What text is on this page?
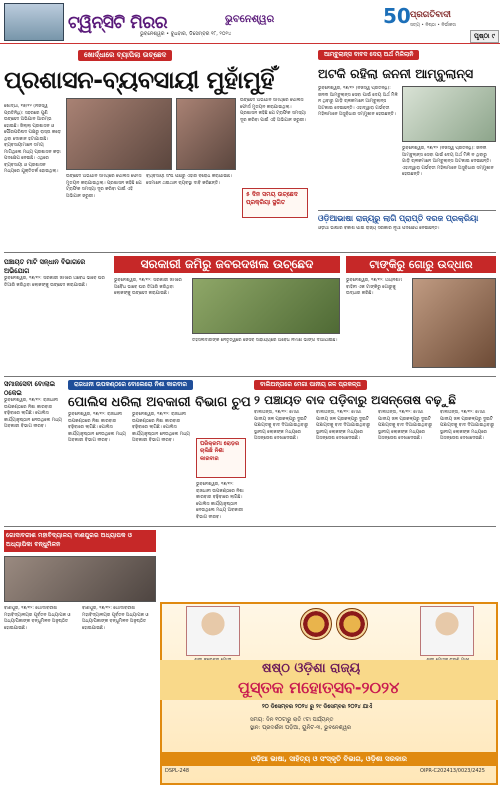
ଟ୍ୱିନ୍‌ସିଟି ମିରର	ଭୁବନେଶ୍ୱର
ଭୁବନେଶ୍ୱର • ବୁଧବାର, ଡିସେମ୍ବର ୧୮, ୨୦୨୪
50 ପ୍ରଗତିବାଦୀ
ସତ୍ୟ • ନିଷ୍ଠା • ନିର୍ଭୀକତା
ପୃଷ୍ଠା ୯
ଖୋର୍ଦ୍ଧାରେ ବ୍ୟାପିଲା ଉଚ୍ଛେଦ
ପ୍ରଶାସନ-ବ୍ୟବସାୟୀ ମୁହାଁମୁହିଁ
ଖୋର୍ଦ୍ଧା, ୧୭/୧୨ (ନିଜସ୍ୱ ପ୍ରତିନିଧି): ସହରରେ ପୁଣି ଉଚ୍ଛେଦ ଅଭିଯାନ ଆରମ୍ଭ ହୋଇଛି। ଜିଲ୍ଲା ପ୍ରଶାସନ ଓ ପୌରପରିଷଦ ପକ୍ଷରୁ ରାସ୍ତା କଡ଼େ ଥିବା ଦୋକାନ ହଟାଯାଉଛି। ବ୍ୟବସାୟୀମାନେ ସମୟ ମାଗିଥିଲେ ମଧ୍ୟ ପ୍ରଶାସନ କଡ଼ା ପଦକ୍ଷେପ ନେଇଛି। ଏଥିରେ ବ୍ୟବସାୟୀ ଓ ପ୍ରଶାସନ ମଧ୍ୟରେ ଯୁକ୍ତିତର୍କ ହୋଇଥିଲା।
ଉଚ୍ଛେଦ ଅଭିଯାନ ସମୟରେ ପୋଲିସ ଫୋର୍ସ ମୁତୟନ କରାଯାଇଥିଲା। ପ୍ରଶାସନ କହିଛି ଯେ ଟ୍ରାଫିକ ସମସ୍ୟା ଦୂର କରିବା ପାଇଁ ଏହି ଅଭିଯାନ ଜରୁରୀ।
ବ୍ୟବସାୟୀ ସଂଘ ପକ୍ଷରୁ ଏହାର ବିରୋଧ କରାଯାଇଛି। ସେମାନେ ଥଇଥାନ ବ୍ୟବସ୍ଥା ଦାବି କରିଛନ୍ତି।
ଉଚ୍ଛେଦ ଅଭିଯାନ ସମୟରେ ପୋଲିସ ଫୋର୍ସ ମୁତୟନ କରାଯାଇଥିଲା। ପ୍ରଶାସନ କହିଛି ଯେ ଟ୍ରାଫିକ ସମସ୍ୟା ଦୂର କରିବା ପାଇଁ ଏହି ଅଭିଯାନ ଜରୁରୀ।
୫ ଦିନ ସମୟ ଉଚ୍ଛେଦ ପ୍ରକ୍ରିୟା ସ୍ଥଗିତ
ଆମ୍ବୁଲାନ୍ସ ବାବଦ ଦେୟ ଅର୍ଥ ମିଳିଲାନି
ଅଟକି ରହିଲା ଜନନୀ ଆମ୍ବୁଲାନ୍ସ
ଭୁବନେଶ୍ୱର, ୧୭/୧୨ (ନିଜସ୍ୱ ପ୍ରତିନିଧି): ଜନନୀ ଆମ୍ବୁଲାନ୍ସ ସେବା ପାଇଁ ଦେୟ ଅର୍ଥ ମିଳି ନ ଥିବାରୁ ଗାଡ଼ି ଚାଳକମାନେ ଆମ୍ବୁଲାନ୍ସ ଅଟକାଇ ଦେଇଛନ୍ତି। ଏହାଦ୍ୱାରା ଗର୍ଭବତୀ ମହିଳାମାନେ ଅସୁବିଧାର ସମ୍ମୁଖୀନ ହେଉଛନ୍ତି।
ଭୁବନେଶ୍ୱର, ୧୭/୧୨ (ନିଜସ୍ୱ ପ୍ରତିନିଧି): ଜନନୀ ଆମ୍ବୁଲାନ୍ସ ସେବା ପାଇଁ ଦେୟ ଅର୍ଥ ମିଳି ନ ଥିବାରୁ ଗାଡ଼ି ଚାଳକମାନେ ଆମ୍ବୁଲାନ୍ସ ଅଟକାଇ ଦେଇଛନ୍ତି। ଏହାଦ୍ୱାରା ଗର୍ଭବତୀ ମହିଳାମାନେ ଅସୁବିଧାର ସମ୍ମୁଖୀନ ହେଉଛନ୍ତି।
ଓଡ଼ିଆଭାଷା ରାଜ୍ୟରୁ ଲାଗି ପ୍ରାପ୍ତି ଦରଜ ପ୍ରକ୍ରିୟା
ଓଡ଼ିଆ ଭାଷାର ବିକାଶ ପାଇଁ ରାଜ୍ୟ ସରକାର ନୂଆ ପଦକ୍ଷେପ ନେଇଛନ୍ତି।
ପଞ୍ଚାୟତ ମାଟି ସନ୍ଧାନ ବିଭାଗରେ ଅଭିଯୋଗ
ଭୁବନେଶ୍ୱର, ୧୭/୧୨: ସରକାରୀ ଜମିରେ ଅବୈଧ ଭାବେ ଘର ତିଆରି କରିଥିବା ଲୋକଙ୍କୁ ଉଚ୍ଛେଦ କରାଯାଇଛି।
ସରକାରୀ ଜମିରୁ ଜବରଦଖଲ ଉଚ୍ଛେଦ
ଭୁବନେଶ୍ୱର, ୧୭/୧୨: ସରକାରୀ ଜମିରେ ଅବୈଧ ଭାବେ ଘର ତିଆରି କରିଥିବା ଲୋକଙ୍କୁ ଉଚ୍ଛେଦ କରାଯାଇଛି।
ତହସିଲଦାରଙ୍କ ନେତୃତ୍ୱରେ ଜେସିବି ସାହାଯ୍ୟରେ ଅବୈଧ ନିର୍ମାଣ ଭାଙ୍ଗି ଦିଆଯାଇଛି।
ଟାଙ୍କିରୁ ଗୋରୁ ଉଦ୍ଧାର
ଭୁବନେଶ୍ୱର, ୧୭/୧୨: ଅଗ୍ନିଶମ ବାହିନୀ ଏକ ଟାଙ୍କିରୁ ଗୋରୁକୁ ଉଦ୍ଧାର କରିଛି।
ସମାଜସେବୀ ବୋଲାଇ ଠକେଇ
ଭୁବନେଶ୍ୱର, ୧୭/୧୨: ରାଜଧାନୀ ଉପକଣ୍ଠରେ ନିଶା କାରବାର ବଢ଼ିବାରେ ଲାଗିଛି। ପୋଲିସ କାର୍ଯ୍ୟାନୁଷ୍ଠାନ ନେଉଥିଲେ ମଧ୍ୟ ଅବକାରୀ ବିଭାଗ ନୀରବ।
ରାଜଧାନୀ ଉପକଣ୍ଠରେ ବୋଲେରୋ ନିଶା କାରବାର
ପୋଲିସ ଧରିଲା ଅବକାରୀ ବିଭାଗ ଚୁପ
ଭୁବନେଶ୍ୱର, ୧୭/୧୨: ରାଜଧାନୀ ଉପକଣ୍ଠରେ ନିଶା କାରବାର ବଢ଼ିବାରେ ଲାଗିଛି। ପୋଲିସ କାର୍ଯ୍ୟାନୁଷ୍ଠାନ ନେଉଥିଲେ ମଧ୍ୟ ଅବକାରୀ ବିଭାଗ ନୀରବ।
ଭୁବନେଶ୍ୱର, ୧୭/୧୨: ରାଜଧାନୀ ଉପକଣ୍ଠରେ ନିଶା କାରବାର ବଢ଼ିବାରେ ଲାଗିଛି। ପୋଲିସ କାର୍ଯ୍ୟାନୁଷ୍ଠାନ ନେଉଥିଲେ ମଧ୍ୟ ଅବକାରୀ ବିଭାଗ ନୀରବ।
ପରିକ୍ରମା ରୋଡ଼ର ଚାଲିଛି ନିଶା କାରବାର
ଭୁବନେଶ୍ୱର, ୧୭/୧୨: ରାଜଧାନୀ ଉପକଣ୍ଠରେ ନିଶା କାରବାର ବଢ଼ିବାରେ ଲାଗିଛି। ପୋଲିସ କାର୍ଯ୍ୟାନୁଷ୍ଠାନ ନେଉଥିଲେ ମଧ୍ୟ ଅବକାରୀ ବିଭାଗ ନୀରବ।
ବାଲିଅନ୍ତାରେ ମେଗା ପାନୀୟ ଜଳ ପ୍ରକଳ୍ପ
୨ ପଞ୍ଚାୟତ ବାଦ ପଡ଼ିବାରୁ ଅସନ୍ତୋଷ ବଢ଼ୁଛି
ବାଲିଅନ୍ତା, ୧୭/୧୨: ମେଗା ପାନୀୟ ଜଳ ପ୍ରକଳ୍ପରୁ ଦୁଇଟି ପଞ୍ଚାୟତକୁ ବାଦ ଦିଆଯାଇଥିବାରୁ ସ୍ଥାନୀୟ ଲୋକଙ୍କ ମଧ୍ୟରେ ଅସନ୍ତୋଷ ଦେଖାଦେଇଛି।
ବାଲିଅନ୍ତା, ୧୭/୧୨: ମେଗା ପାନୀୟ ଜଳ ପ୍ରକଳ୍ପରୁ ଦୁଇଟି ପଞ୍ଚାୟତକୁ ବାଦ ଦିଆଯାଇଥିବାରୁ ସ୍ଥାନୀୟ ଲୋକଙ୍କ ମଧ୍ୟରେ ଅସନ୍ତୋଷ ଦେଖାଦେଇଛି।
ବାଲିଅନ୍ତା, ୧୭/୧୨: ମେଗା ପାନୀୟ ଜଳ ପ୍ରକଳ୍ପରୁ ଦୁଇଟି ପଞ୍ଚାୟତକୁ ବାଦ ଦିଆଯାଇଥିବାରୁ ସ୍ଥାନୀୟ ଲୋକଙ୍କ ମଧ୍ୟରେ ଅସନ୍ତୋଷ ଦେଖାଦେଇଛି।
ବାଲିଅନ୍ତା, ୧୭/୧୨: ମେଗା ପାନୀୟ ଜଳ ପ୍ରକଳ୍ପରୁ ଦୁଇଟି ପଞ୍ଚାୟତକୁ ବାଦ ଦିଆଯାଇଥିବାରୁ ସ୍ଥାନୀୟ ଲୋକଙ୍କ ମଧ୍ୟରେ ଅସନ୍ତୋଷ ଦେଖାଦେଇଛି।
ଗୋଦାବରୀଶ ମହାବିଦ୍ୟାଳୟ ବାଣପୁରର ଅଧ୍ୟାପକ ଓ ଅଧ୍ୟାପିକା ବନ୍ଧୁମିଳନ
ବାଣପୁର, ୧୭/୧୨: ଗୋଦାବରୀଶ ମହାବିଦ୍ୟାଳୟର ପୂର୍ବତନ ଅଧ୍ୟାପକ ଓ ଅଧ୍ୟାପିକାଙ୍କ ବନ୍ଧୁମିଳନ ଅନୁଷ୍ଠିତ ହୋଇଯାଇଛି।
ବାଣପୁର, ୧୭/୧୨: ଗୋଦାବରୀଶ ମହାବିଦ୍ୟାଳୟର ପୂର୍ବତନ ଅଧ୍ୟାପକ ଓ ଅଧ୍ୟାପିକାଙ୍କ ବନ୍ଧୁମିଳନ ଅନୁଷ୍ଠିତ ହୋଇଯାଇଛି।
ଷଷ୍ଠ ଓଡ଼ିଶା ରାଜ୍ୟ
ପୁସ୍ତକ ମହୋତ୍ସବ-୨୦୨୪
୨୦ ଡିସେମ୍ବର ୨୦୨୪ ରୁ ୨୯ ଡିସେମ୍ବର ୨୦୨୪ ଯାଏଁ
ସମୟ: ଦିନ ୧୦ଟାରୁ ରାତି ୯ଟା ପର୍ଯ୍ୟନ୍ତ
ସ୍ଥାନ: ପ୍ରଦର୍ଶନୀ ପଡ଼ିଆ, ୟୁନିଟ-୩, ଭୁବନେଶ୍ୱର
ଓଡ଼ିଆ ଭାଷା, ସାହିତ୍ୟ ଓ ସଂସ୍କୃତି ବିଭାଗ, ଓଡ଼ିଶା ସରକାର
DSPL-248	OIPR-C202413/0023/2425
